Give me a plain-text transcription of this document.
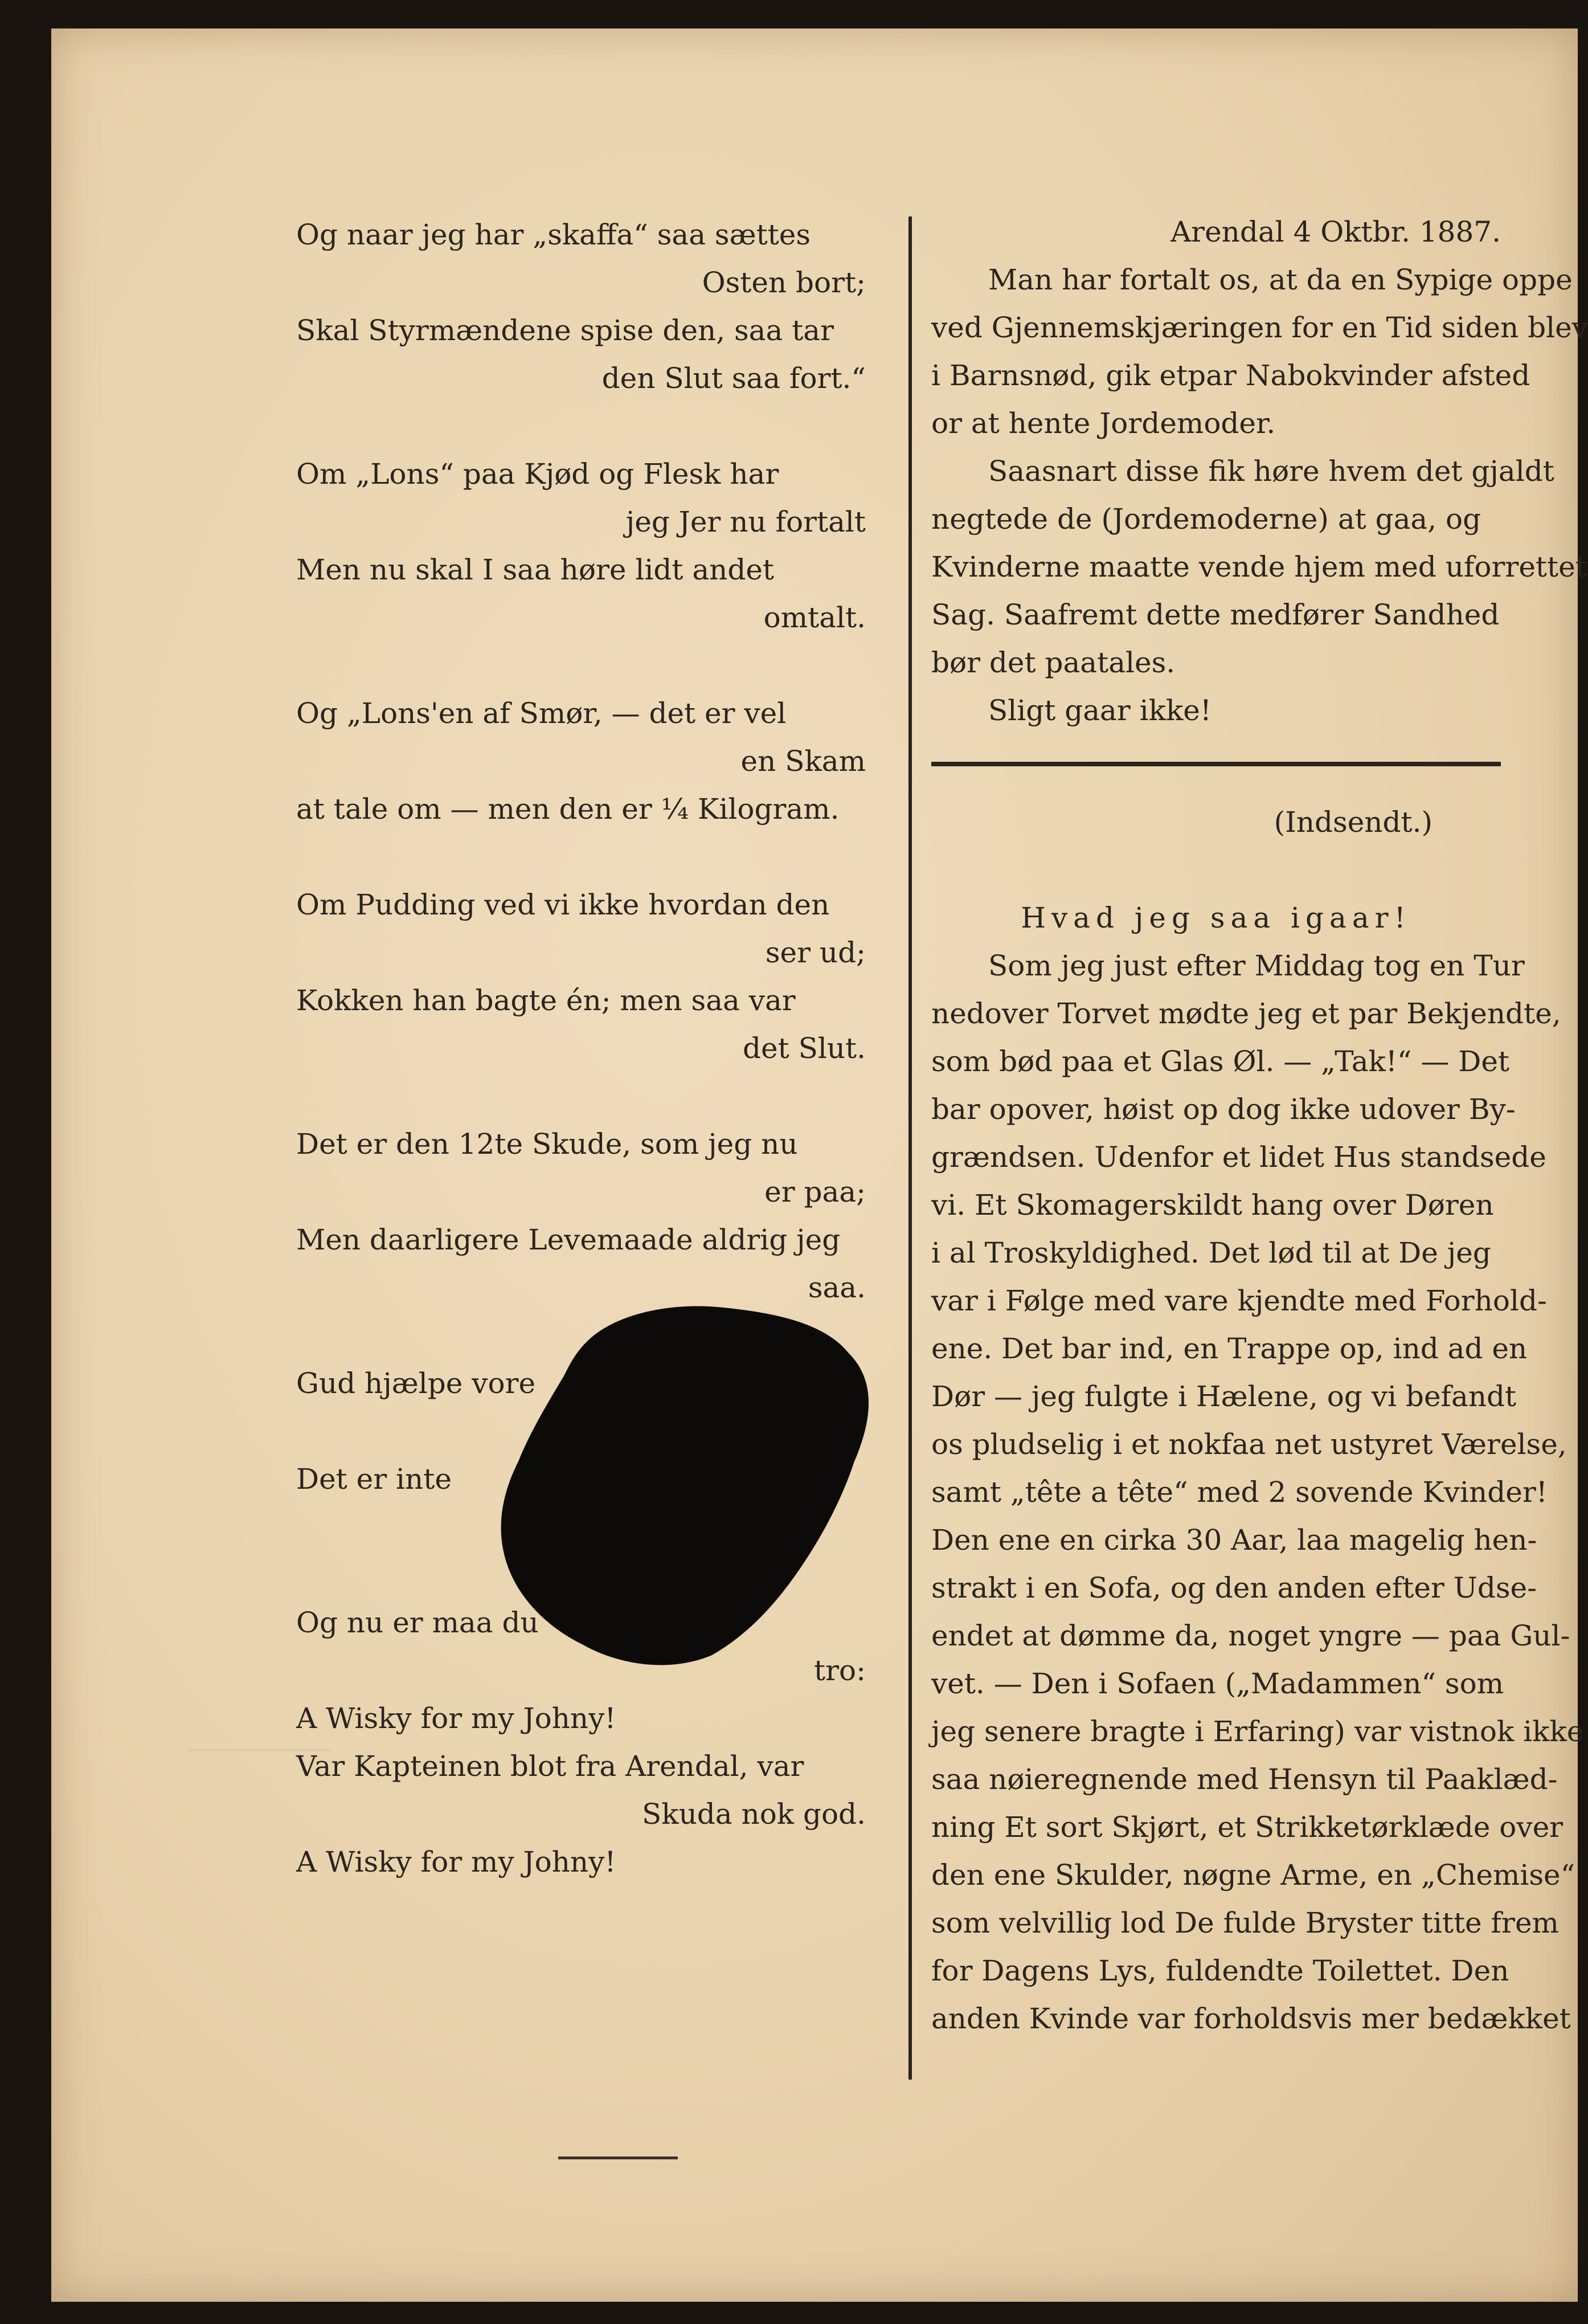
Og naar jeg har „skaffa“ saa sættes
Osten bort;
Skal Styrmændene spise den, saa tar
den Slut saa fort.“
Om „Lons“ paa Kjød og Flesk har
jeg Jer nu fortalt
Men nu skal I saa høre lidt andet
omtalt.
Og „Lons'en af Smør, — det er vel
en Skam
at tale om — men den er ¼ Kilogram.
Om Pudding ved vi ikke hvordan den
ser ud;
Kokken han bagte én; men saa var
det Slut.
Det er den 12te Skude, som jeg nu
er paa;
Men daarligere Levemaade aldrig jeg
saa.
Gud hjælpe vore
Det er inte
Og nu er maa du
tro:
A Wisky for my Johny!
Var Kapteinen blot fra Arendal, var
Skuda nok god.
A Wisky for my Johny!
Arendal 4 Oktbr. 1887.
Man har fortalt os, at da en Sypige oppe
ved Gjennemskjæringen for en Tid siden blev
i Barnsnød, gik etpar Nabokvinder afsted
or at hente Jordemoder.
Saasnart disse fik høre hvem det gjaldt
negtede de (Jordemoderne) at gaa, og
Kvinderne maatte vende hjem med uforrettet
Sag. Saafremt dette medfører Sandhed
bør det paatales.
Sligt gaar ikke!
(Indsendt.)
Hvad jeg saa igaar!
Som jeg just efter Middag tog en Tur
nedover Torvet mødte jeg et par Bekjendte,
som bød paa et Glas Øl. — „Tak!“ — Det
bar opover, høist op dog ikke udover By-
grændsen. Udenfor et lidet Hus standsede
vi. Et Skomagerskildt hang over Døren
i al Troskyldighed. Det lød til at De jeg
var i Følge med vare kjendte med Forhold-
ene. Det bar ind, en Trappe op, ind ad en
Dør — jeg fulgte i Hælene, og vi befandt
os pludselig i et nokfaa net ustyret Værelse,
samt „tête a tête“ med 2 sovende Kvinder!
Den ene en cirka 30 Aar, laa magelig hen-
strakt i en Sofa, og den anden efter Udse-
endet at dømme da, noget yngre — paa Gul-
vet. — Den i Sofaen („Madammen“ som
jeg senere bragte i Erfaring) var vistnok ikke
saa nøieregnende med Hensyn til Paaklæd-
ning Et sort Skjørt, et Strikketørklæde over
den ene Skulder, nøgne Arme, en „Chemise“
som velvillig lod De fulde Bryster titte frem
for Dagens Lys, fuldendte Toilettet. Den
anden Kvinde var forholdsvis mer bedækket
